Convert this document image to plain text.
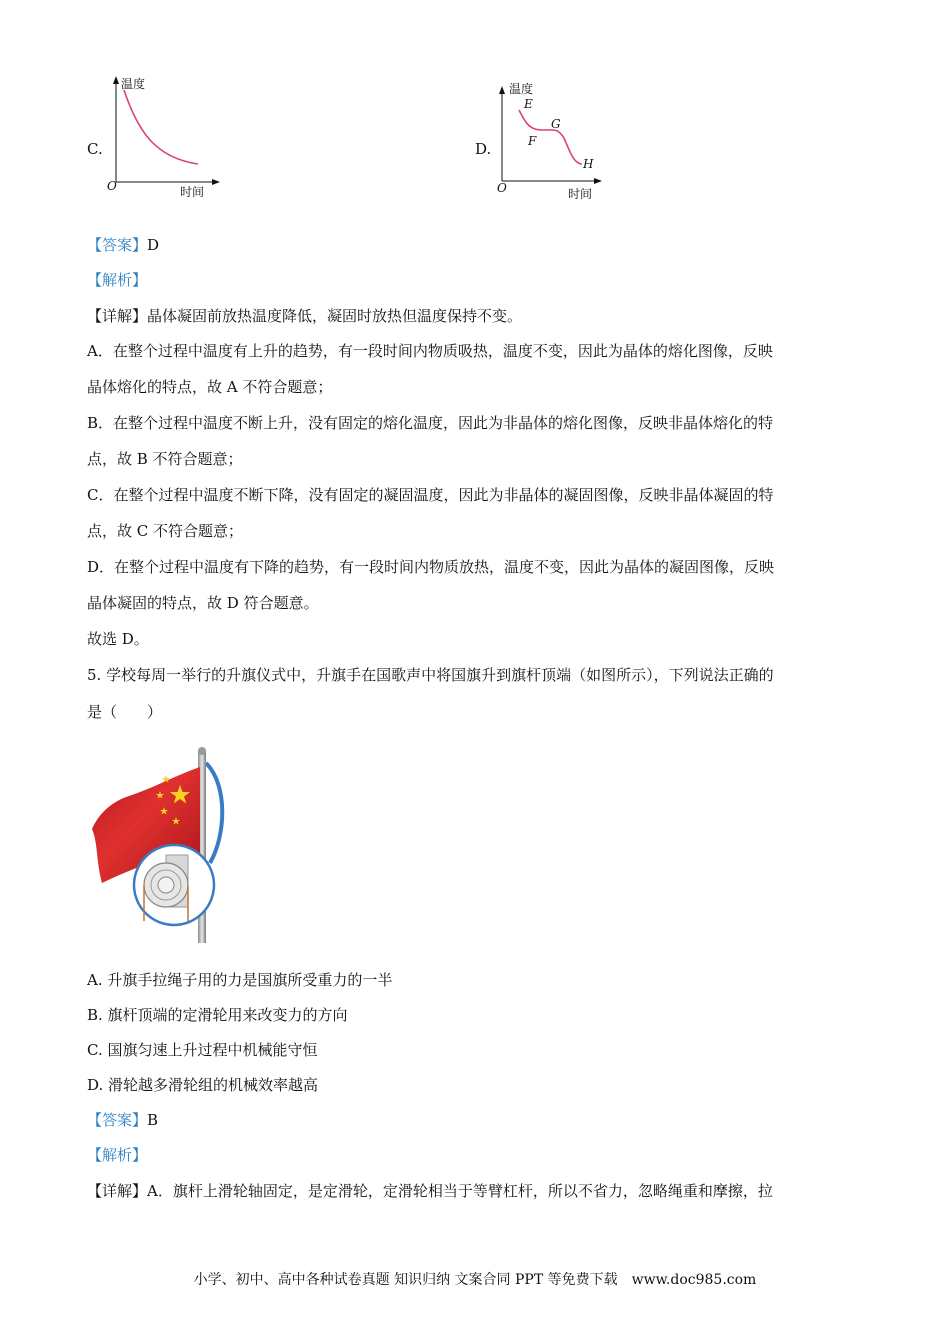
C.
温度
时间
O
D.
温度
时间
O
E
F
G
H
【答案】D
【解析】
【详解】晶体凝固前放热温度降低，凝固时放热但温度保持不变。
A．在整个过程中温度有上升的趋势，有一段时间内物质吸热，温度不变，因此为晶体的熔化图像，反映
晶体熔化的特点，故 A 不符合题意；
B．在整个过程中温度不断上升，没有固定的熔化温度，因此为非晶体的熔化图像，反映非晶体熔化的特
点，故 B 不符合题意；
C．在整个过程中温度不断下降，没有固定的凝固温度，因此为非晶体的凝固图像，反映非晶体凝固的特
点，故 C 不符合题意；
D．在整个过程中温度有下降的趋势，有一段时间内物质放热，温度不变，因此为晶体的凝固图像，反映
晶体凝固的特点，故 D 符合题意。
故选 D。
5. 学校每周一举行的升旗仪式中，升旗手在国歌声中将国旗升到旗杆顶端（如图所示），下列说法正确的
是（　　）
A. 升旗手拉绳子用的力是国旗所受重力的一半
B. 旗杆顶端的定滑轮用来改变力的方向
C. 国旗匀速上升过程中机械能守恒
D. 滑轮越多滑轮组的机械效率越高
【答案】B
【解析】
【详解】A．旗杆上滑轮轴固定，是定滑轮，定滑轮相当于等臂杠杆，所以不省力，忽略绳重和摩擦，拉
小学、初中、高中各种试卷真题 知识归纳 文案合同 PPT 等免费下载 www.doc985.com
